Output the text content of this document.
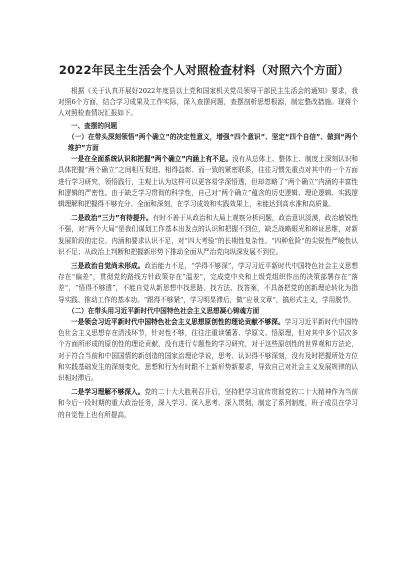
2022年民主生活会个人对照检查材料（对照六个方面）

根据《关于认真开展好2022年度县以上党和国家机关党员领导干部民主生活会的通知》要求，我对照6个方面，结合学习成果及工作实际，深入查摆问题，查摆剖析思想根源，制定整改措施。现将个人对照检查情况汇报如下。

一、查摆的问题

（一）在带头深刻领悟“两个确立”的决定性意义，增强“四个意识”、坚定“四个自信”、做到“两个维护”方面

一是在全面系统认识和把握“两个确立”内涵上有不足。没有从总体上、整体上、制度上深刻认识和具体把握“两个确立”之间相互促进、相得益彰、而一致的紧密联系，往往习惯先重点对其中的一个方面进行学习研究，领悟践行，主观上认为这样可以更容易学深悟透，但却忽略了“两个确立”内涵的丰富性和逻辑的严密性。由于缺乏学习贯彻的科学性，自己对“两个确立”蕴含的历史逻辑、理论逻辑、实践逻辑理解和把握得不够充分、全面和深刻，在学习成效和实践效果上，未能达到高水准和高质量。

二是政治“三力”有待提升。有时不善于从政治和大局上观察分析问题，政治意识淡漠，政治敏锐性不强，对“两个大局”是我们谋划工作基本出发点的认识和把握不到位，缺乏战略眼光和辩证思维，对新发展阶段的定位、内涵和要求认识不足，对“四大考验”的长期性复杂性、“四种危险”的尖锐性严峻性认识不足；从政治上判断和把握新形势下推动全面从严治党向纵深发展不到位。

三是政治自觉尚未形成。政治能力不足，“学得不够深”，学习习近平新时代中国特色社会主义思想存在“偏差”，贯彻党的路线方针政策存在“温差”，完成党中央和上级党组织作出的决策部署存在“落差”，“悟得不够透”，不能自觉从新思想中找思路、找方法、找答案，不具备把党的创新理论转化为指导实践、推动工作的基本功。“跟得不够紧”，学习明显滞后，做“应景文章”，搞形式主义，学用脱节。

（二）在带头用习近平新时代中国特色社会主义思想凝心铸魂方面

一是领会习近平新时代中国特色社会主义思想原创性的理论贡献不够深。学习习近平新时代中国特色社会主义思想存在清浅环节，针对性不够，往往注重读懂著、学原文、悟原理，但对其中多个层次多个方面所形成的原创性的理论贡献，没有进行专题性的学习研究，对于这些原创性的世界观和方法论，对于符合当前和中国国情的新创造的国家治理论学说，思考、认识得不够深刻，没有及时把握所处方位和实践基础发生的深刻变化，思想和行为有时跟不上新形势新要求，导致自己对社会主义发展规律的认识相对滞后。

二是学习理解不够深入。党的二十大大胜利召开后，坚持把学习宣传贯彻党的二十大精神作为当前和今后一段时期的重大政治任务，深入学习、深入思考、深入贯彻，制定了系列制度，班子成员在学习的自觉性上也有所提高，
